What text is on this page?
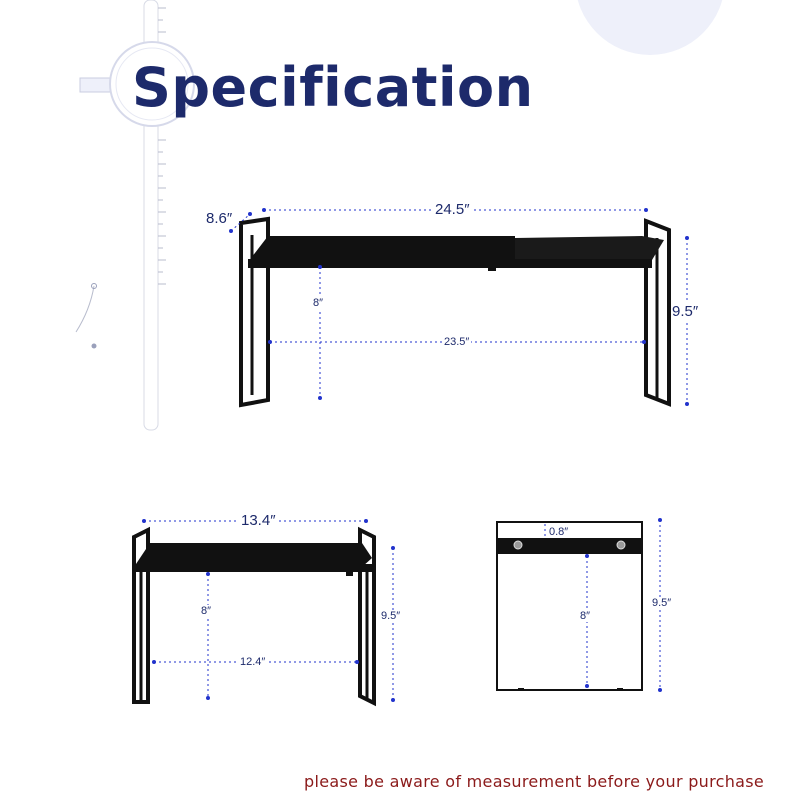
Specification
8.6″
24.5″
9.5″
8″
23.5″
13.4″
8″	9.5″
12.4″
0.8″
8″
9.5″
please be aware of measurement before your purchase
